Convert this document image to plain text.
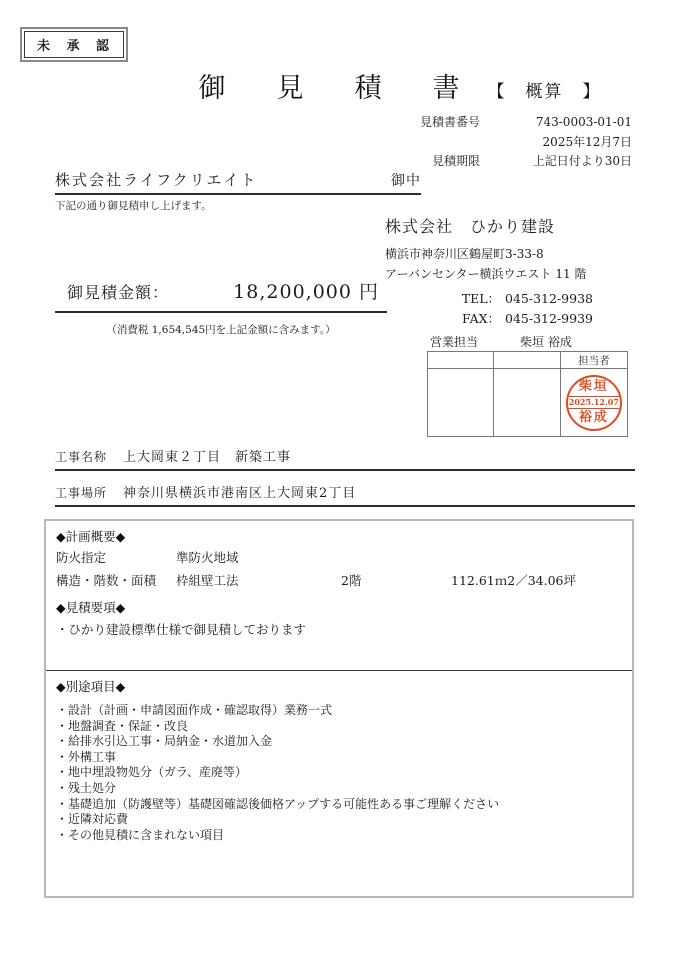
未 承 認
御　見　積　書 【　概算　】
見積書番号	743-0003-01-01
2025年12月7日
見積期限	上記日付より30日
株式会社ライフクリエイト	御中
下記の通り御見積申し上げます。
株式会社　ひかり建設
横浜市神奈川区鶴屋町3-33-8
アーバンセンター横浜ウエスト 11 階
御見積金額：	18,200,000 円
（消費税 1,654,545円を上記金額に含みます。）
TEL： 045-312-9938
FAX： 045-312-9939
営業担当	柴垣 裕成
担当者
柴垣
2025.12.07
裕成
工事名称 上大岡東２丁目　新築工事
工事場所 神奈川県横浜市港南区上大岡東2丁目
◆計画概要◆
防火指定	準防火地域
構造・階数・面積	枠組壁工法	2階	112.61ｍ2／34.06坪
◆見積要項◆
・ひかり建設標準仕様で御見積しております
◆別途項目◆
・設計（計画・申請図面作成・確認取得）業務一式
・地盤調査・保証・改良
・給排水引込工事・局納金・水道加入金
・外構工事
・地中埋設物処分（ガラ、産廃等）
・残土処分
・基礎追加（防護壁等）基礎図確認後価格アップする可能性ある事ご理解ください
・近隣対応費
・その他見積に含まれない項目
